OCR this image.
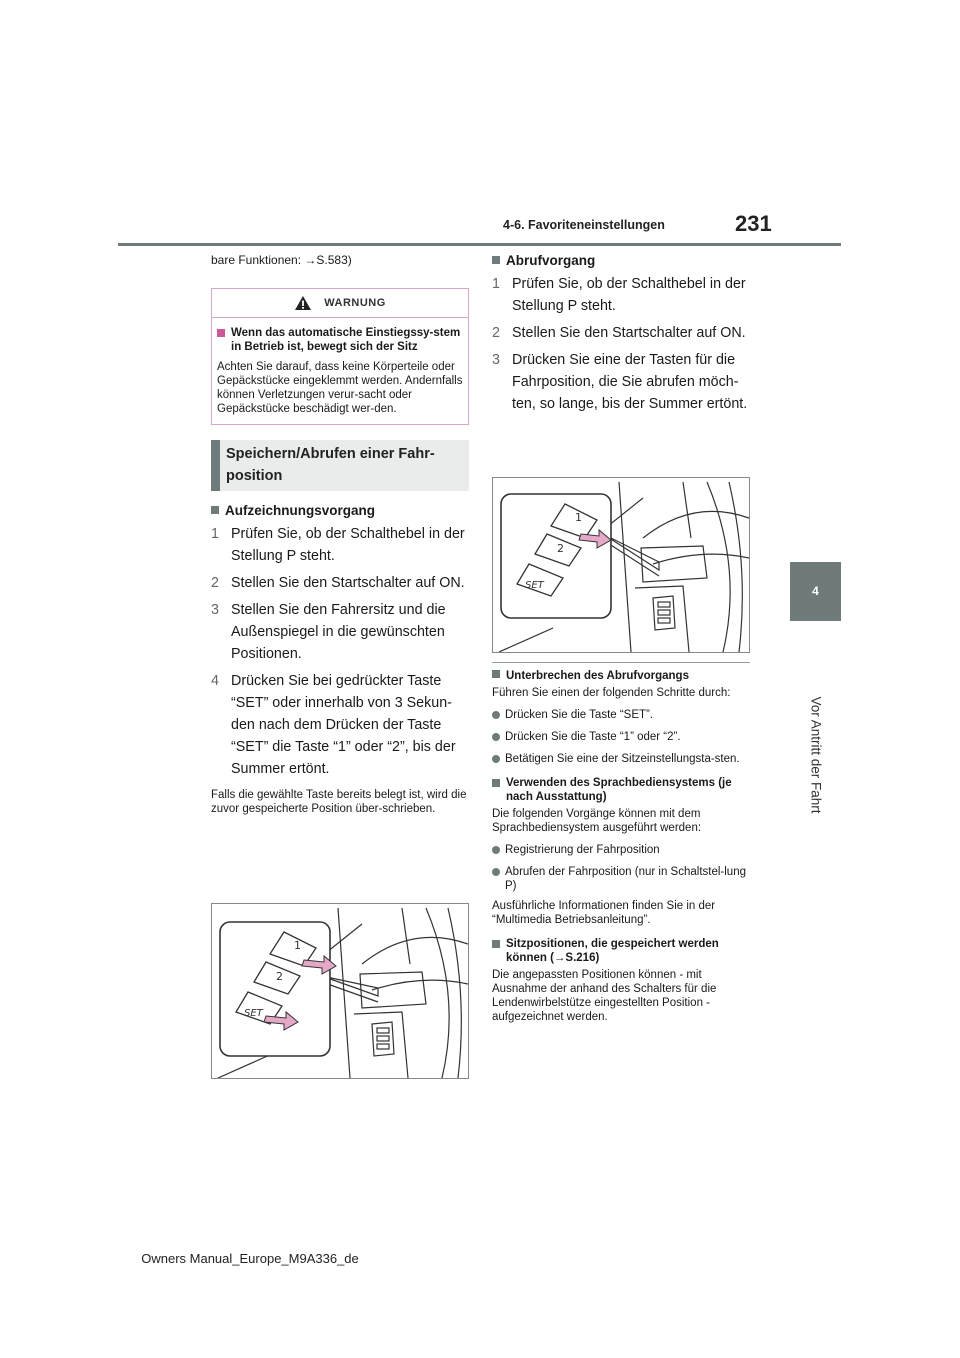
4-6. Favoriteneinstellungen	231
4
Vor Antritt der Fahrt

bare Funktionen: →S.583)

WARNUNG
Wenn das automatische Einstiegssy-stem in Betrieb ist, bewegt sich der Sitz
Achten Sie darauf, dass keine Körperteile oder Gepäckstücke eingeklemmt werden. Andernfalls können Verletzungen verur-sacht oder Gepäckstücke beschädigt wer-den.
Speichern/Abrufen einer Fahr-position
Aufzeichnungsvorgang
1 Prüfen Sie, ob der Schalthebel in der Stellung P steht.
2 Stellen Sie den Startschalter auf ON.
3 Stellen Sie den Fahrersitz und die Außenspiegel in die gewünschten Positionen.
4 Drücken Sie bei gedrückter Taste “SET” oder innerhalb von 3 Sekun-den nach dem Drücken der Taste “SET” die Taste “1” oder “2”, bis der Summer ertönt.

Falls die gewählte Taste bereits belegt ist, wird die zuvor gespeicherte Position über-schrieben.

1
2
SET
Abrufvorgang
1 Prüfen Sie, ob der Schalthebel in der Stellung P steht.
2 Stellen Sie den Startschalter auf ON.
3 Drücken Sie eine der Tasten für die Fahrposition, die Sie abrufen möch-ten, so lange, bis der Summer ertönt.
1
2
SET
Unterbrechen des Abrufvorgangs

Führen Sie einen der folgenden Schritte durch:

Drücken Sie die Taste “SET”.
Drücken Sie die Taste “1” oder “2”.
Betätigen Sie eine der Sitzeinstellungsta-sten.
Verwenden des Sprachbediensystems (je nach Ausstattung)

Die folgenden Vorgänge können mit dem Sprachbediensystem ausgeführt werden:

Registrierung der Fahrposition
Abrufen der Fahrposition (nur in Schaltstel-lung P)

Ausführliche Informationen finden Sie in der “Multimedia Betriebsanleitung”.

Sitzpositionen, die gespeichert werden können (→S.216)

Die angepassten Positionen können - mit Ausnahme der anhand des Schalters für die Lendenwirbelstütze eingestellten Position - aufgezeichnet werden.

Owners Manual_Europe_M9A336_de
